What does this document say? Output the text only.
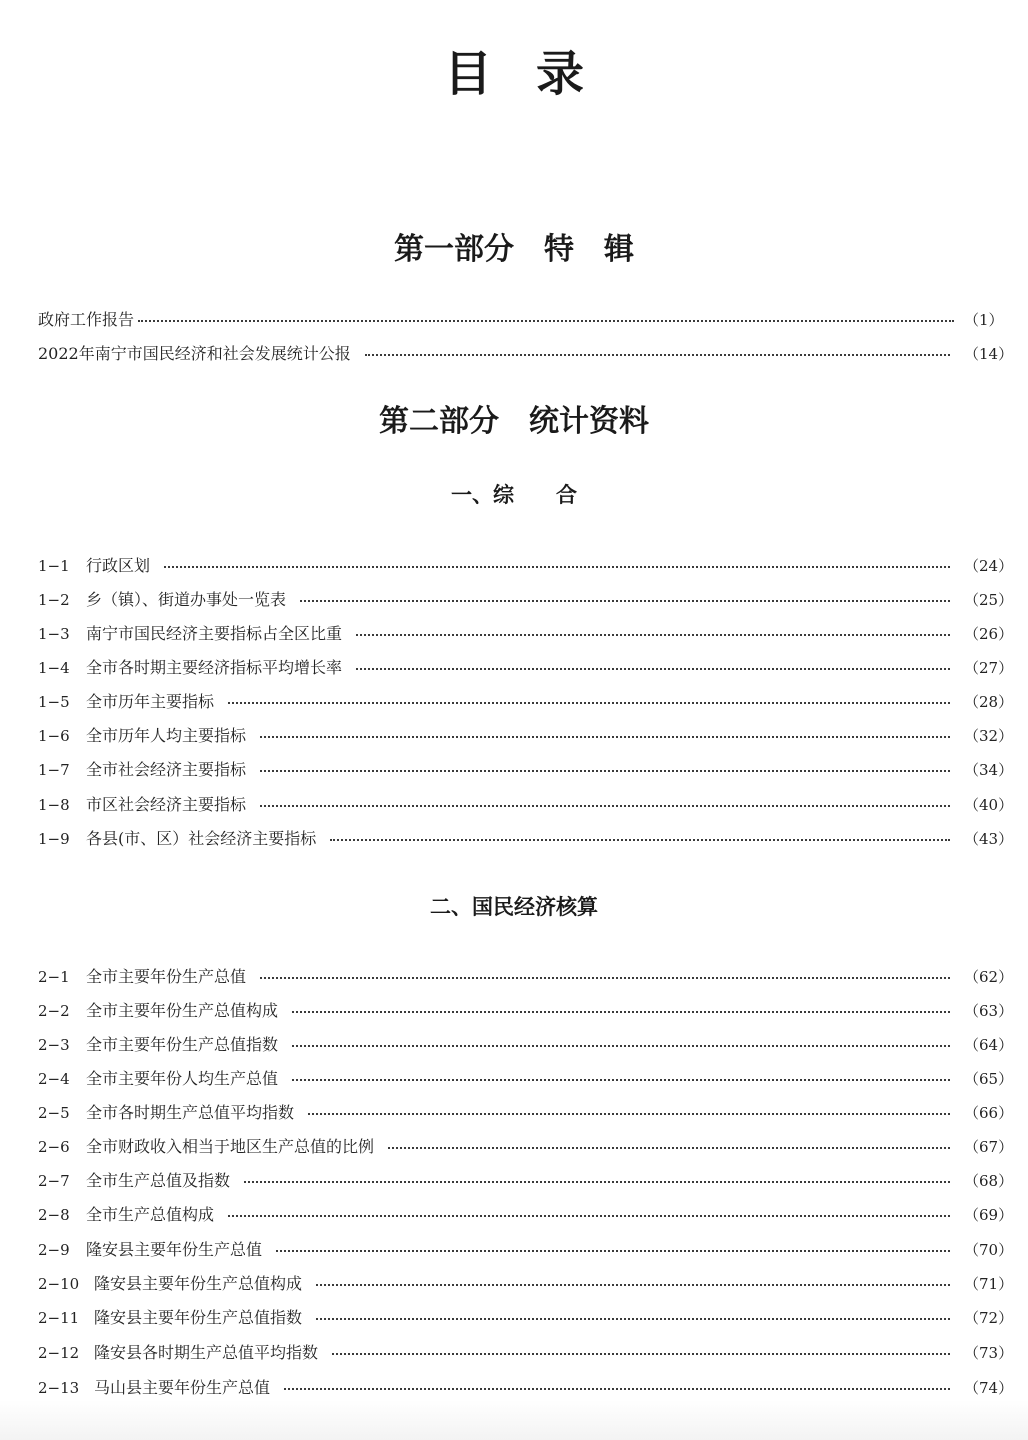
目录
第一部分　特　辑
政府工作报告	（1）
2022年南宁市国民经济和社会发展统计公报	（14）
第二部分　统计资料
一、综　　合
1−1	行政区划	（24）
1−2	乡（镇）、街道办事处一览表	（25）
1−3	南宁市国民经济主要指标占全区比重	（26）
1−4	全市各时期主要经济指标平均增长率	（27）
1−5	全市历年主要指标	（28）
1−6	全市历年人均主要指标	（32）
1−7	全市社会经济主要指标	（34）
1−8	市区社会经济主要指标	（40）
1−9	各县(市、区）社会经济主要指标	（43）
二、国民经济核算
2−1	全市主要年份生产总值	（62）
2−2	全市主要年份生产总值构成	（63）
2−3	全市主要年份生产总值指数	（64）
2−4	全市主要年份人均生产总值	（65）
2−5	全市各时期生产总值平均指数	（66）
2−6	全市财政收入相当于地区生产总值的比例	（67）
2−7	全市生产总值及指数	（68）
2−8	全市生产总值构成	（69）
2−9	隆安县主要年份生产总值	（70）
2−10 隆安县主要年份生产总值构成	（71）
2−11 隆安县主要年份生产总值指数	（72）
2−12 隆安县各时期生产总值平均指数	（73）
2−13 马山县主要年份生产总值	（74）
